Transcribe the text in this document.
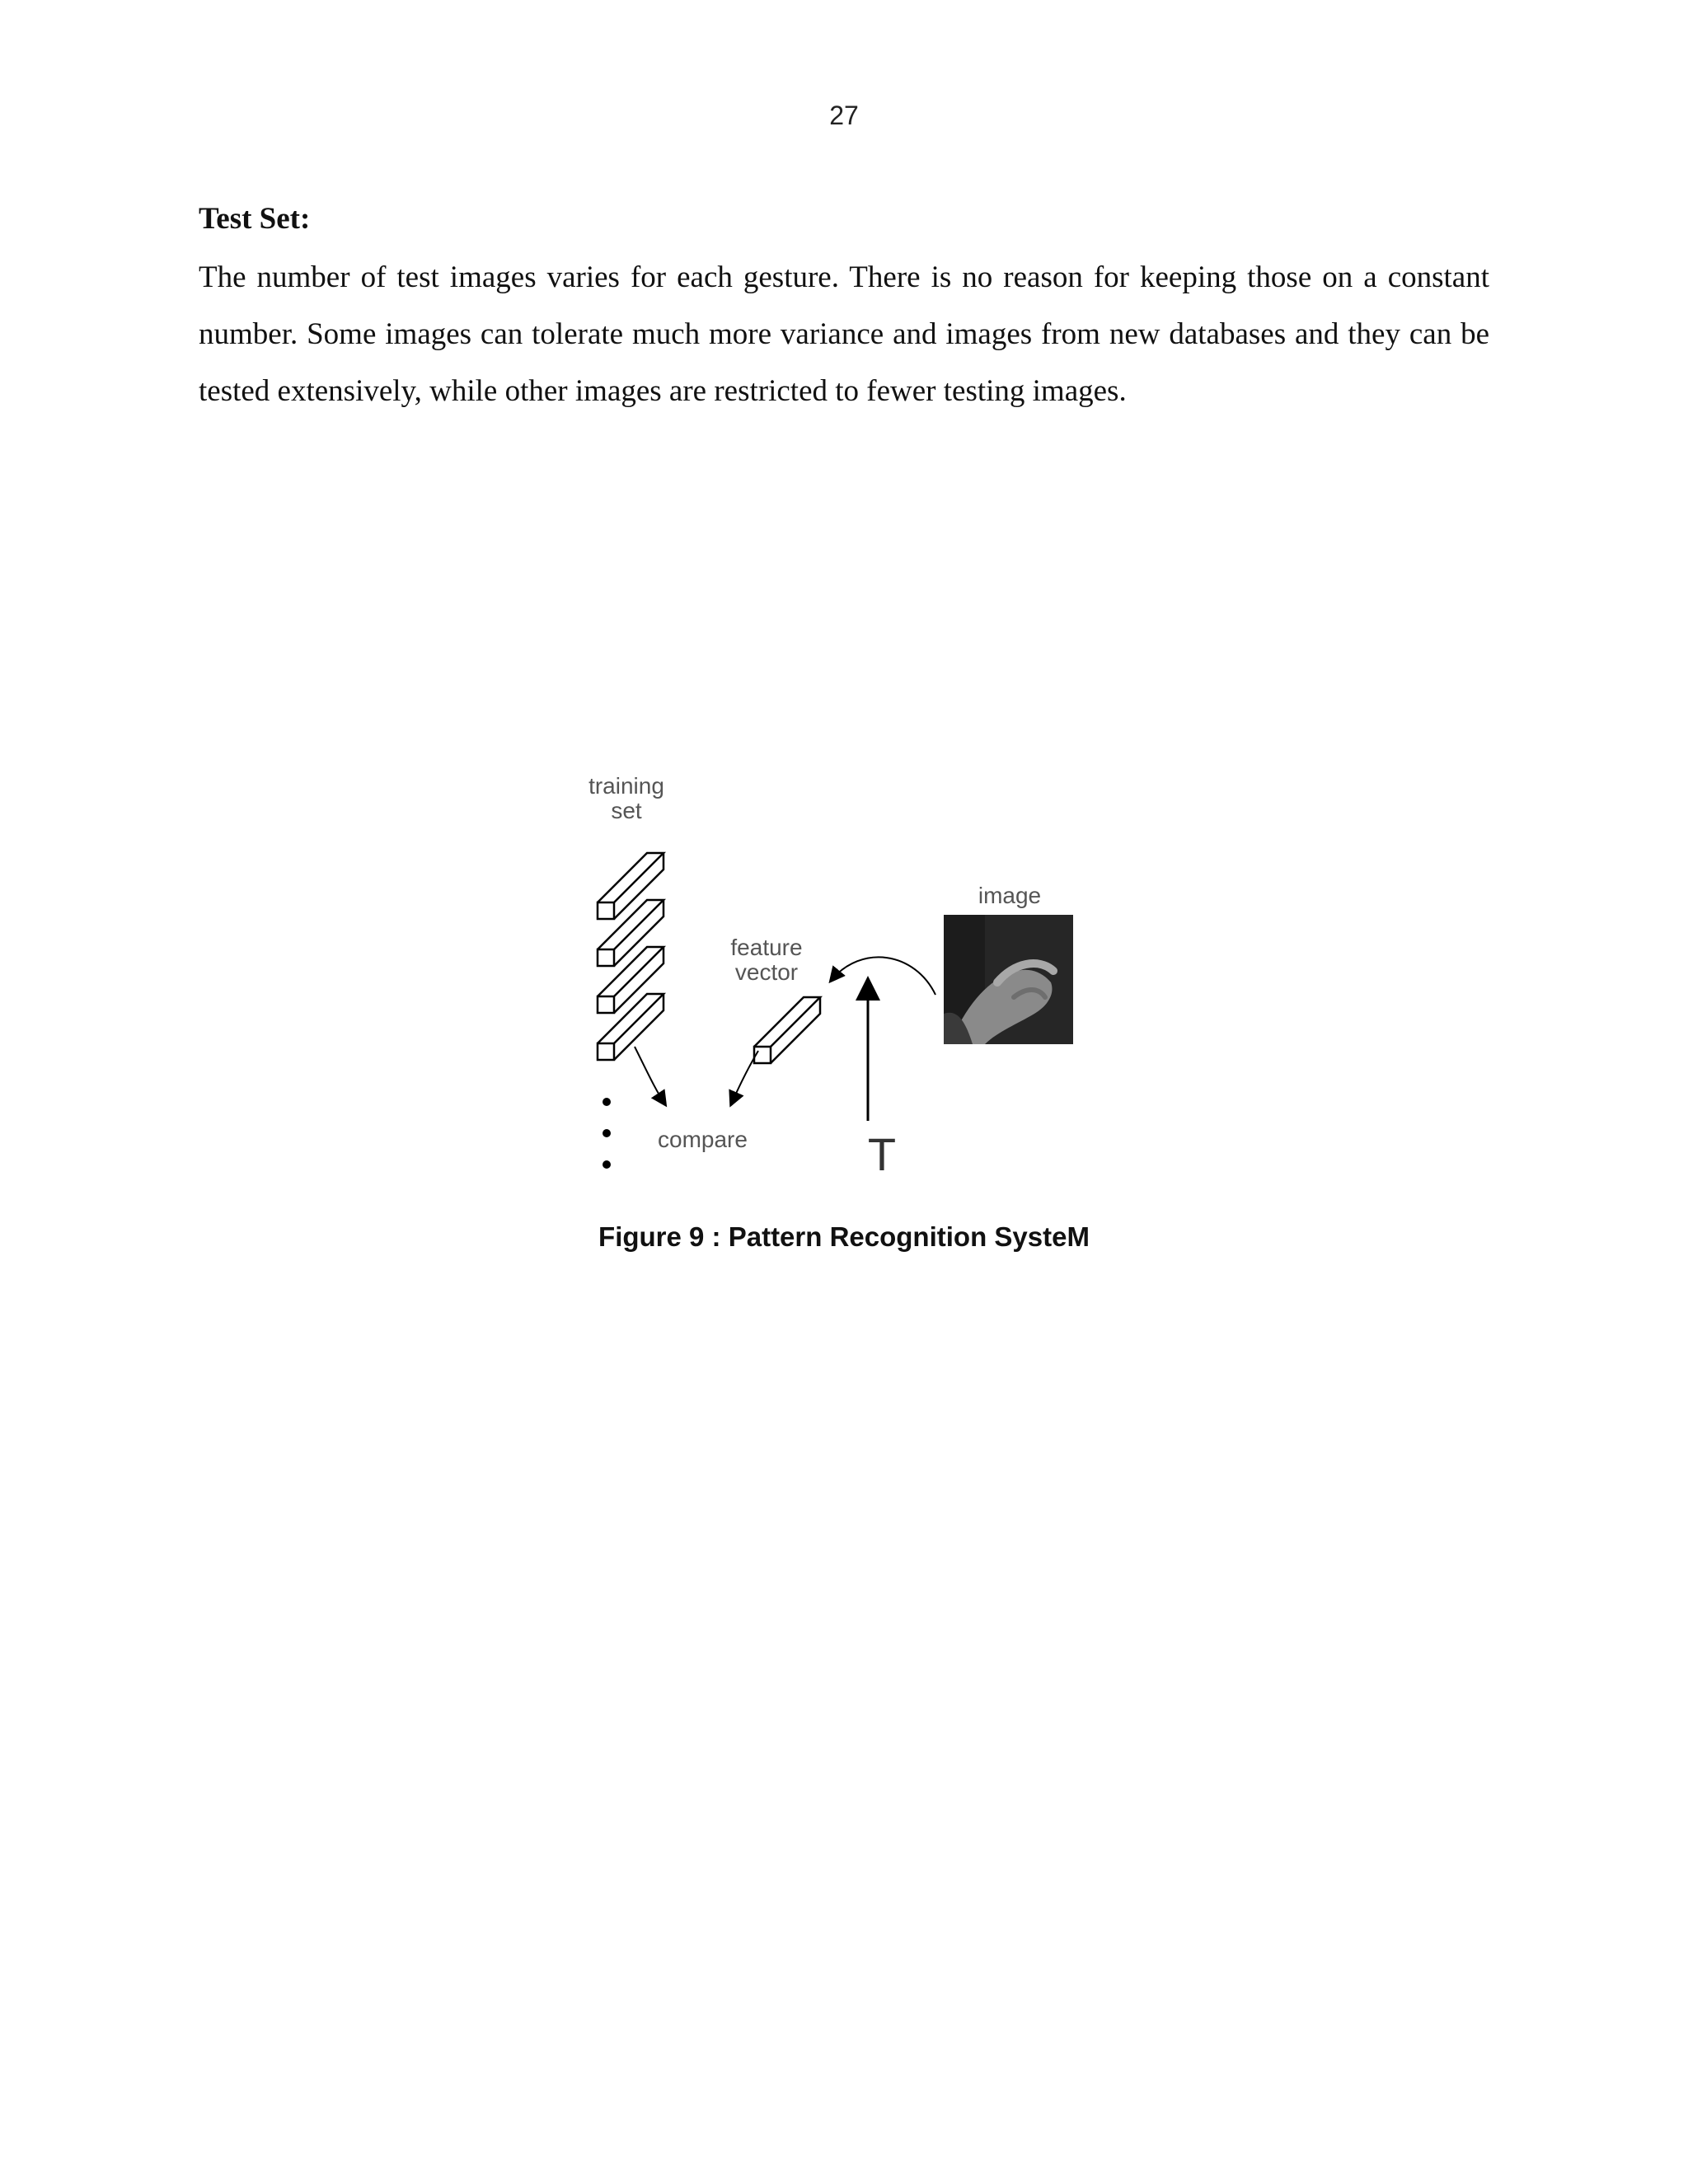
27
Test Set:

The number of test images varies for each gesture. There is no reason for keeping those on a constant number. Some images can tolerate much more variance and images from new databases and they can be tested extensively, while other images are restricted to fewer testing images.

training
set
feature
vector
image
compare	T
Figure 9 : Pattern Recognition SysteM
